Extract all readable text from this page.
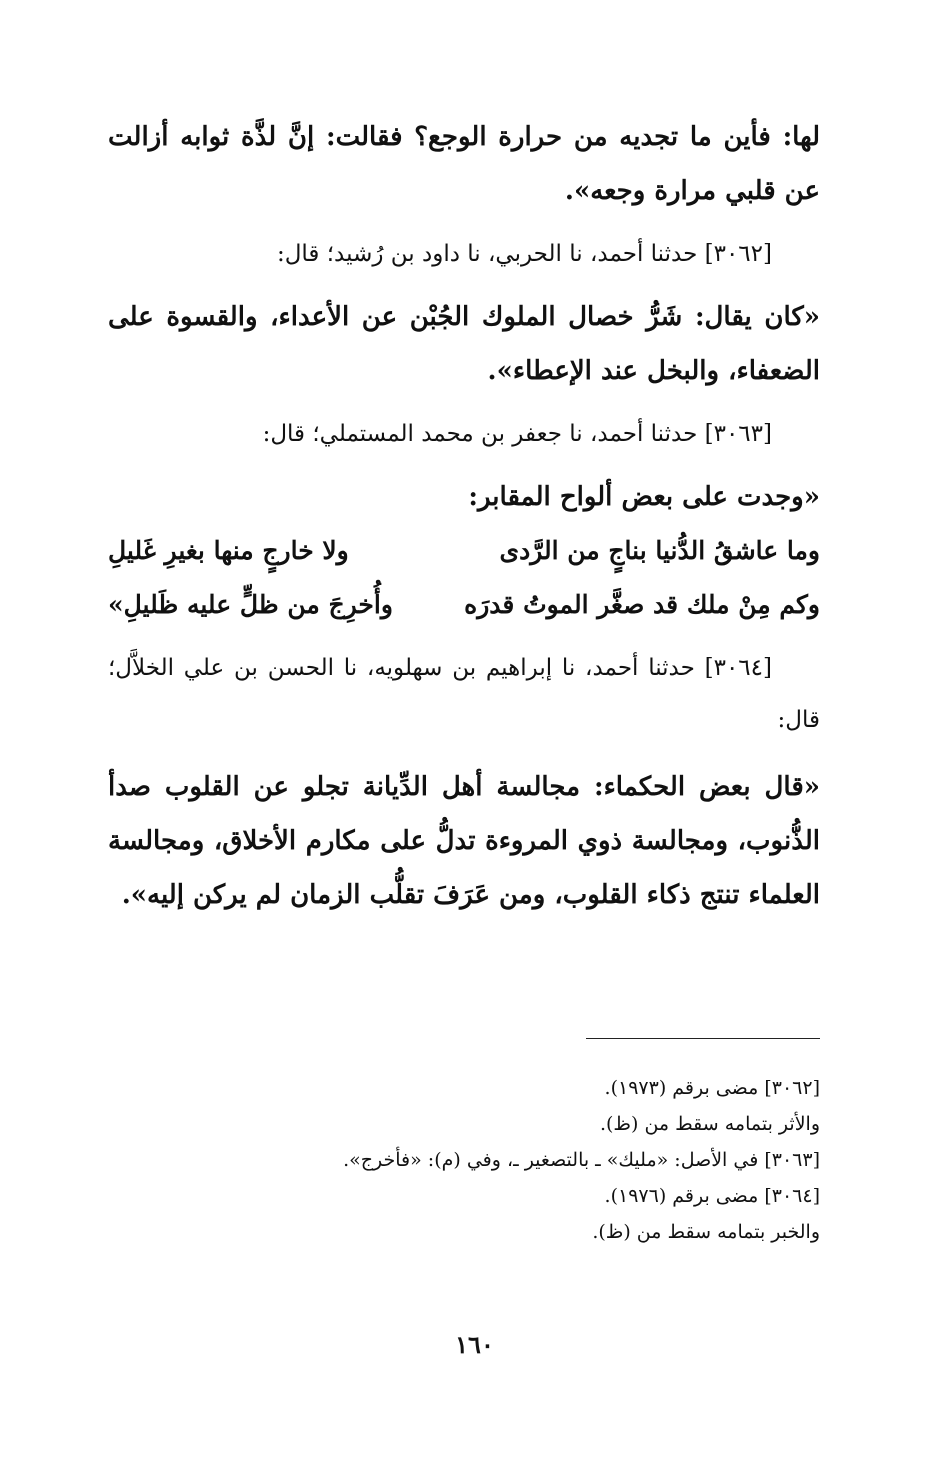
لها: فأين ما تجديه من حرارة الوجع؟ فقالت: إنَّ لذَّة ثوابه أزالت عن قلبي مرارة وجعه».

[٣٠٦٢] حدثنا أحمد، نا الحربي، نا داود بن رُشيد؛ قال:

«كان يقال: شَرُّ خصال الملوك الجُبْن عن الأعداء، والقسوة على الضعفاء، والبخل عند الإعطاء».

[٣٠٦٣] حدثنا أحمد، نا جعفر بن محمد المستملي؛ قال:

«وجدت على بعض ألواح المقابر:

وما عاشقُ الدُّنيا بناجٍ من الرَّدى
ولا خارجٍ منها بغيرِ غَليلِ
وكم مِنْ ملك قد صغَّر الموتُ قدرَه
وأُخرِجَ من ظلٍّ عليه ظَليلِ»

[٣٠٦٤] حدثنا أحمد، نا إبراهيم بن سهلويه، نا الحسن بن علي الخلاَّل؛ قال:

«قال بعض الحكماء: مجالسة أهل الدِّيانة تجلو عن القلوب صدأ الذُّنوب، ومجالسة ذوي المروءة تدلُّ على مكارم الأخلاق، ومجالسة العلماء تنتج ذكاء القلوب، ومن عَرَفَ تقلُّب الزمان لم يركن إليه».

[٣٠٦٢] مضى برقم (١٩٧٣).

والأثر بتمامه سقط من (ظ).

[٣٠٦٣] في الأصل: «مليك» ـ بالتصغير ـ، وفي (م): «فأخرج».

[٣٠٦٤] مضى برقم (١٩٧٦).

والخبر بتمامه سقط من (ظ).

١٦٠
